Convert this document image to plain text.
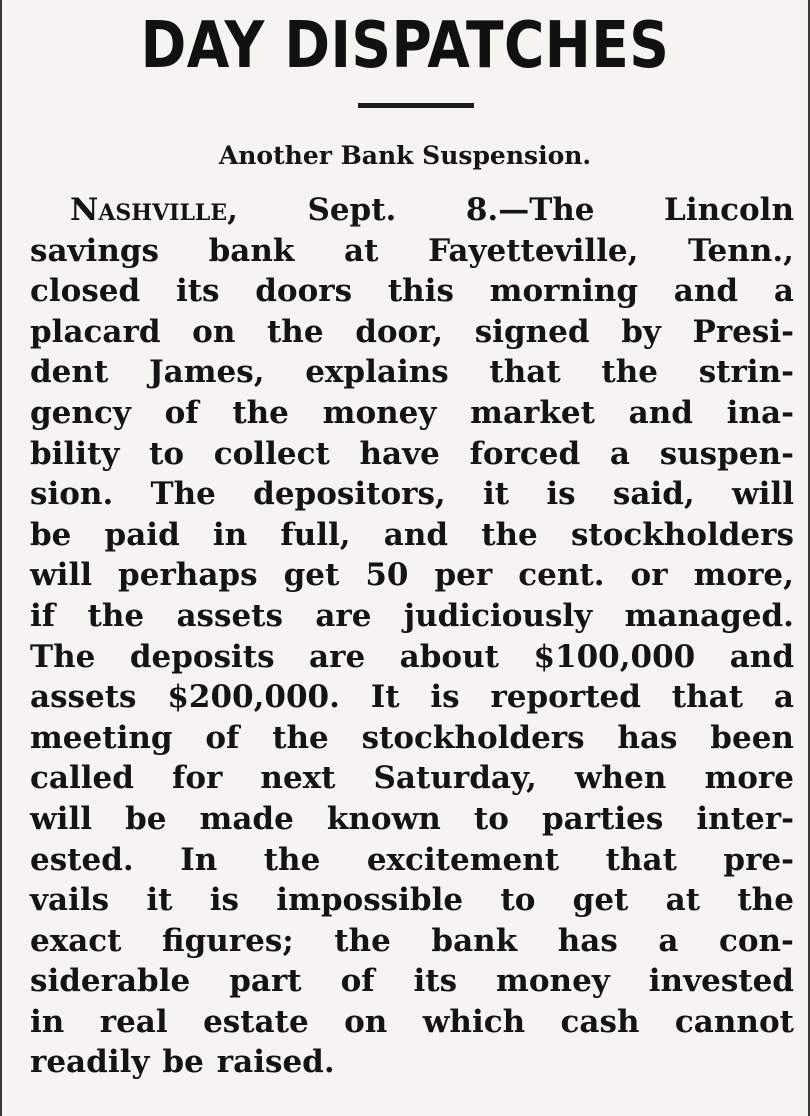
DAY DISPATCHES
Another Bank Suspension.
Nashville, Sept. 8.—The Lincoln
savings bank at Fayetteville, Tenn.,
closed its doors this morning and a
placard on the door, signed by Presi-
dent James, explains that the strin-
gency of the money market and ina-
bility to collect have forced a suspen-
sion. The depositors, it is said, will
be paid in full, and the stockholders
will perhaps get 50 per cent. or more,
if the assets are judiciously managed.
The deposits are about $100,000 and
assets $200,000. It is reported that a
meeting of the stockholders has been
called for next Saturday, when more
will be made known to parties inter-
ested. In the excitement that pre-
vails it is impossible to get at the
exact figures; the bank has a con-
siderable part of its money invested
in real estate on which cash cannot
readily be raised.
